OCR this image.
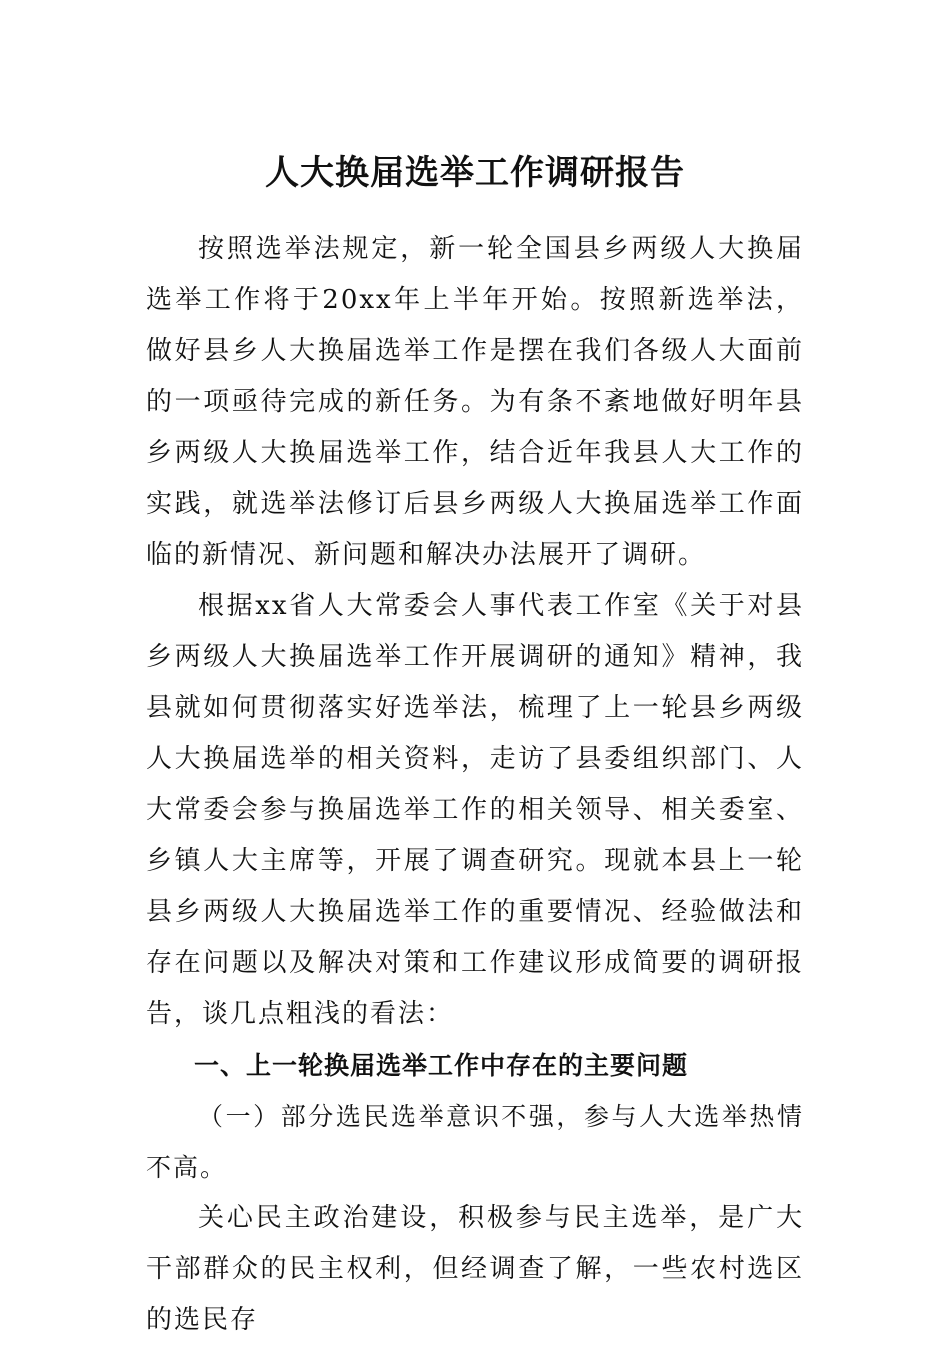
人大换届选举工作调研报告

按照选举法规定，新一轮全国县乡两级人大换届选举工作将于20xx年上半年开始。按照新选举法，做好县乡人大换届选举工作是摆在我们各级人大面前的一项亟待完成的新任务。为有条不紊地做好明年县乡两级人大换届选举工作，结合近年我县人大工作的实践，就选举法修订后县乡两级人大换届选举工作面临的新情况、新问题和解决办法展开了调研。

根据xx省人大常委会人事代表工作室《关于对县乡两级人大换届选举工作开展调研的通知》精神，我县就如何贯彻落实好选举法，梳理了上一轮县乡两级人大换届选举的相关资料，走访了县委组织部门、人大常委会参与换届选举工作的相关领导、相关委室、乡镇人大主席等，开展了调查研究。现就本县上一轮县乡两级人大换届选举工作的重要情况、经验做法和存在问题以及解决对策和工作建议形成简要的调研报告，谈几点粗浅的看法：

一、上一轮换届选举工作中存在的主要问题

（一）部分选民选举意识不强，参与人大选举热情不高。

关心民主政治建设，积极参与民主选举，是广大干部群众的民主权利，但经调查了解，一些农村选区的选民存
